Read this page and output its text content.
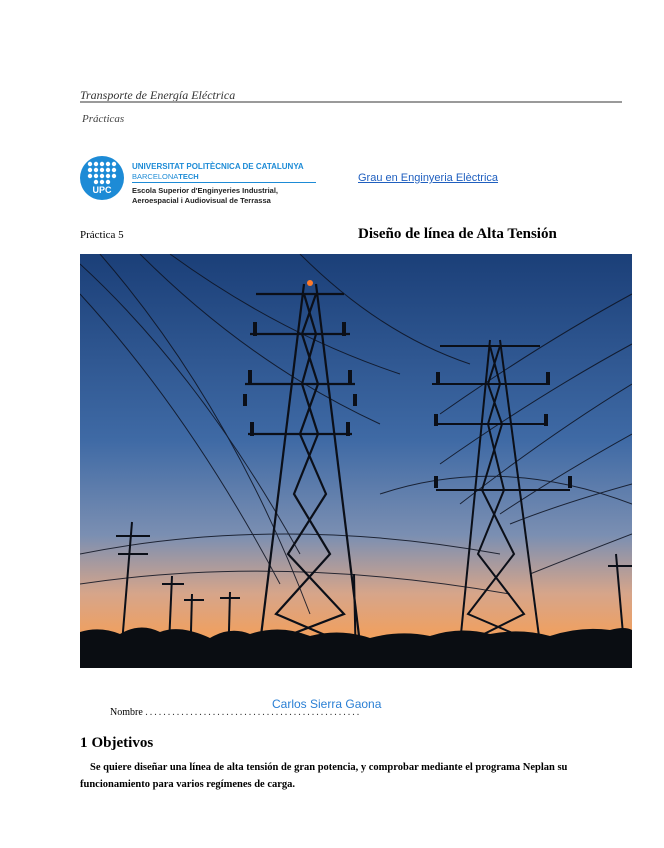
Transporte de Energía Eléctrica
Prácticas
UPC
UNIVERSITAT POLITÈCNICA DE CATALUNYA
BARCELONATECH
Escola Superior d'Enginyeries Industrial,
Aeroespacial i Audiovisual de Terrassa
Grau en Enginyeria Elèctrica
Práctica 5	Diseño de línea de Alta Tensión
Carlos Sierra Gaona
Nombre ................................................
1 Objetivos
Se quiere diseñar una línea de alta tensión de gran potencia, y comprobar mediante el programa Neplan su funcionamiento para varios regímenes de carga.
